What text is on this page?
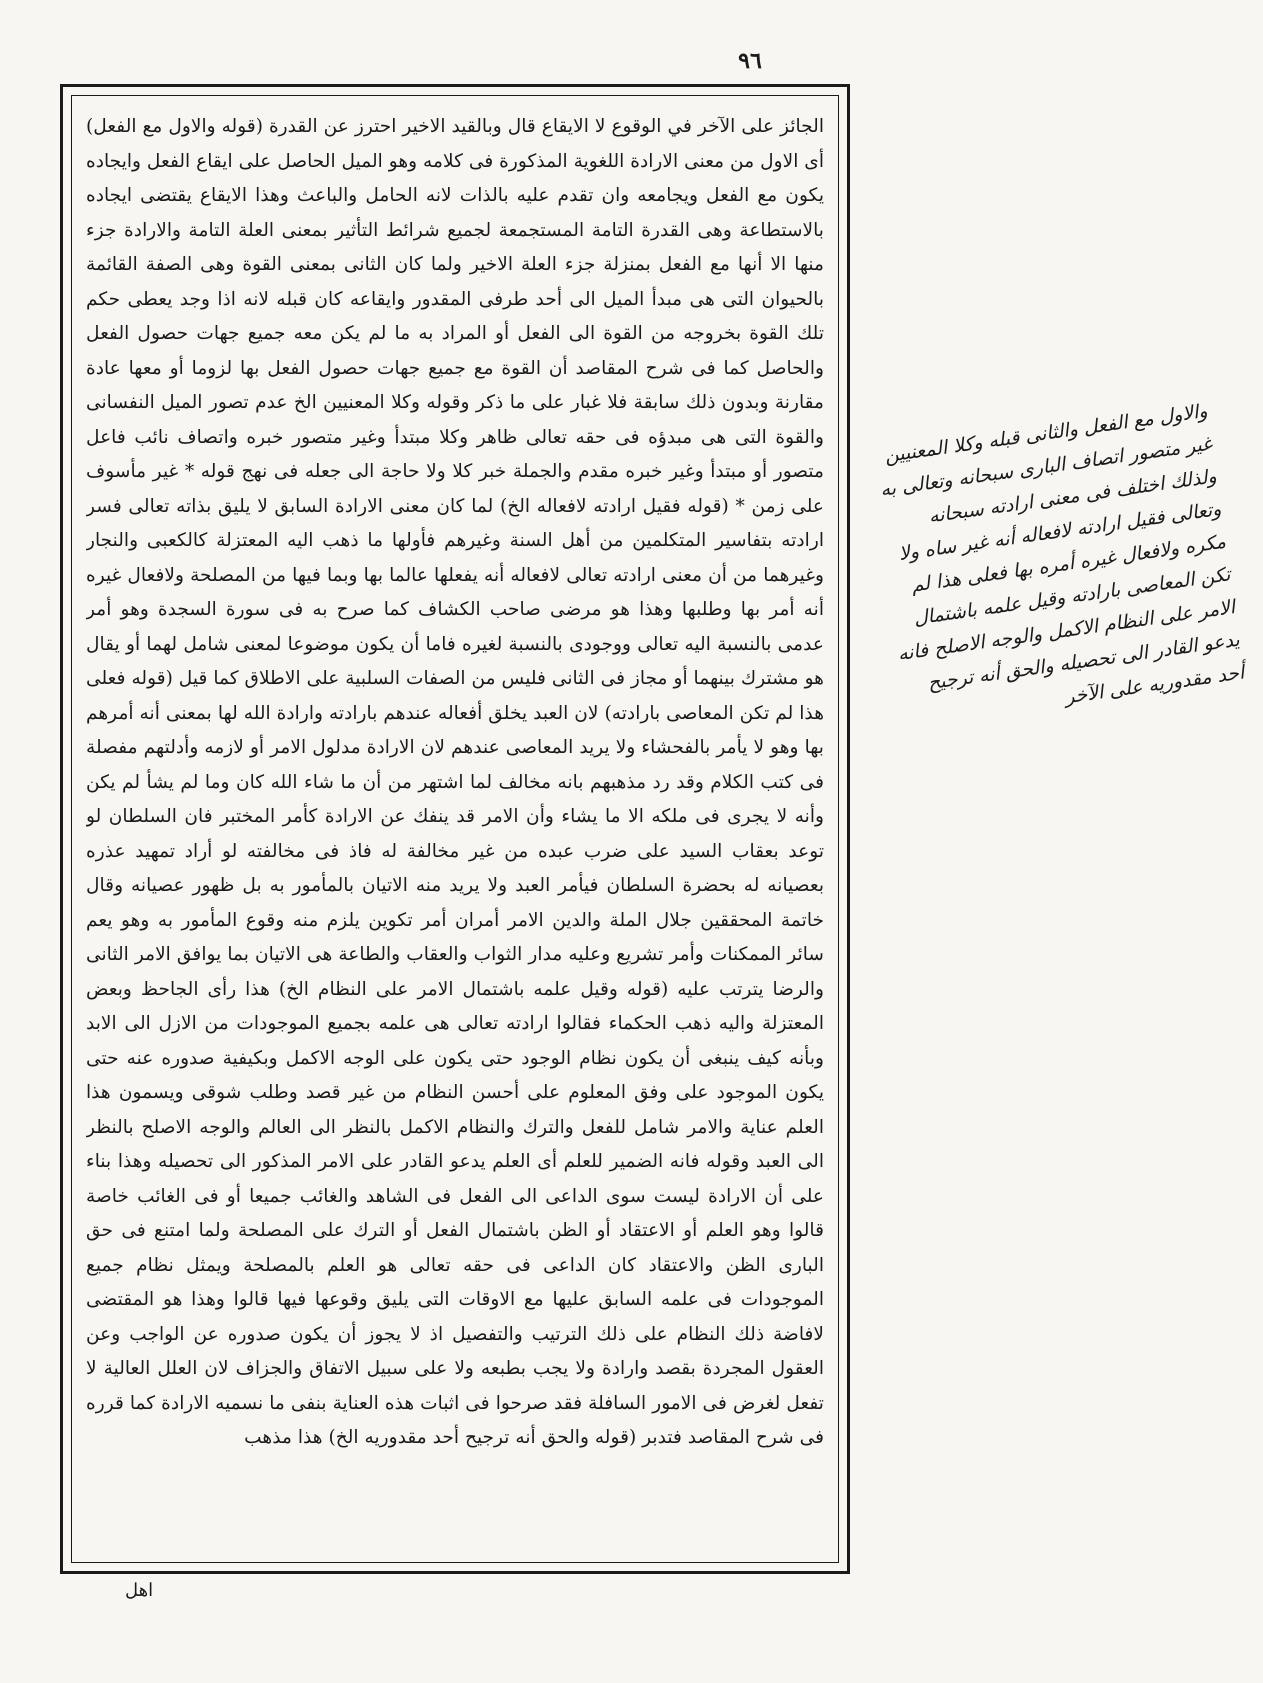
٩٦
الجائز على الآخر في الوقوع لا الايقاع قال وبالقيد الاخير احترز عن القدرة (قوله والاول مع الفعل) أى الاول من معنى الارادة اللغوية المذكورة فى كلامه وهو الميل الحاصل على ايقاع الفعل وايجاده يكون مع الفعل ويجامعه وان تقدم عليه بالذات لانه الحامل والباعث وهذا الايقاع يقتضى ايجاده بالاستطاعة وهى القدرة التامة المستجمعة لجميع شرائط التأثير بمعنى العلة التامة والارادة جزء منها الا أنها مع الفعل بمنزلة جزء العلة الاخير ولما كان الثانى بمعنى القوة وهى الصفة القائمة بالحيوان التى هى مبدأ الميل الى أحد طرفى المقدور وايقاعه كان قبله لانه اذا وجد يعطى حكم تلك القوة بخروجه من القوة الى الفعل أو المراد به ما لم يكن معه جميع جهات حصول الفعل والحاصل كما فى شرح المقاصد أن القوة مع جميع جهات حصول الفعل بها لزوما أو معها عادة مقارنة وبدون ذلك سابقة فلا غبار على ما ذكر وقوله وكلا المعنيين الخ عدم تصور الميل النفسانى والقوة التى هى مبدؤه فى حقه تعالى ظاهر وكلا مبتدأ وغير متصور خبره واتصاف نائب فاعل متصور أو مبتدأ وغير خبره مقدم والجملة خبر كلا ولا حاجة الى جعله فى نهج قوله * غير مأسوف على زمن * (قوله فقيل ارادته لافعاله الخ) لما كان معنى الارادة السابق لا يليق بذاته تعالى فسر ارادته بتفاسير المتكلمين من أهل السنة وغيرهم فأولها ما ذهب اليه المعتزلة كالكعبى والنجار وغيرهما من أن معنى ارادته تعالى لافعاله أنه يفعلها عالما بها وبما فيها من المصلحة ولافعال غيره أنه أمر بها وطلبها وهذا هو مرضى صاحب الكشاف كما صرح به فى سورة السجدة وهو أمر عدمى بالنسبة اليه تعالى ووجودى بالنسبة لغيره فاما أن يكون موضوعا لمعنى شامل لهما أو يقال هو مشترك بينهما أو مجاز فى الثانى فليس من الصفات السلبية على الاطلاق كما قيل (قوله فعلى هذا لم تكن المعاصى بارادته) لان العبد يخلق أفعاله عندهم بارادته وارادة الله لها بمعنى أنه أمرهم بها وهو لا يأمر بالفحشاء ولا يريد المعاصى عندهم لان الارادة مدلول الامر أو لازمه وأدلتهم مفصلة فى كتب الكلام وقد رد مذهبهم بانه مخالف لما اشتهر من أن ما شاء الله كان وما لم يشأ لم يكن وأنه لا يجرى فى ملكه الا ما يشاء وأن الامر قد ينفك عن الارادة كأمر المختبر فان السلطان لو توعد بعقاب السيد على ضرب عبده من غير مخالفة له فاذ فى مخالفته لو أراد تمهيد عذره بعصيانه له بحضرة السلطان فيأمر العبد ولا يريد منه الاتيان بالمأمور به بل ظهور عصيانه وقال خاتمة المحققين جلال الملة والدين الامر أمران أمر تكوين يلزم منه وقوع المأمور به وهو يعم سائر الممكنات وأمر تشريع وعليه مدار الثواب والعقاب والطاعة هى الاتيان بما يوافق الامر الثانى والرضا يترتب عليه (قوله وقيل علمه باشتمال الامر على النظام الخ) هذا رأى الجاحظ وبعض المعتزلة واليه ذهب الحكماء فقالوا ارادته تعالى هى علمه بجميع الموجودات من الازل الى الابد وبأنه كيف ينبغى أن يكون نظام الوجود حتى يكون على الوجه الاكمل وبكيفية صدوره عنه حتى يكون الموجود على وفق المعلوم على أحسن النظام من غير قصد وطلب شوقى ويسمون هذا العلم عناية والامر شامل للفعل والترك والنظام الاكمل بالنظر الى العالم والوجه الاصلح بالنظر الى العبد وقوله فانه الضمير للعلم أى العلم يدعو القادر على الامر المذكور الى تحصيله وهذا بناء على أن الارادة ليست سوى الداعى الى الفعل فى الشاهد والغائب جميعا أو فى الغائب خاصة قالوا وهو العلم أو الاعتقاد أو الظن باشتمال الفعل أو الترك على المصلحة ولما امتنع فى حق البارى الظن والاعتقاد كان الداعى فى حقه تعالى هو العلم بالمصلحة ويمثل نظام جميع الموجودات فى علمه السابق عليها مع الاوقات التى يليق وقوعها فيها قالوا وهذا هو المقتضى لافاضة ذلك النظام على ذلك الترتيب والتفصيل اذ لا يجوز أن يكون صدوره عن الواجب وعن العقول المجردة بقصد وارادة ولا يجب بطبعه ولا على سبيل الاتفاق والجزاف لان العلل العالية لا تفعل لغرض فى الامور السافلة فقد صرحوا فى اثبات هذه العناية بنفى ما نسميه الارادة كما قرره فى شرح المقاصد فتدبر (قوله والحق أنه ترجيح أحد مقدوريه الخ) هذا مذهب
والاول مع الفعل والثانى قبله وكلا المعنيين غير متصور اتصاف البارى سبحانه وتعالى به ولذلك اختلف فى معنى ارادته سبحانه وتعالى فقيل ارادته لافعاله أنه غير ساه ولا مكره ولافعال غيره أمره بها فعلى هذا لم تكن المعاصى بارادته وقيل علمه باشتمال الامر على النظام الاكمل والوجه الاصلح فانه يدعو القادر الى تحصيله والحق أنه ترجيح أحد مقدوريه على الآخر
اهل
